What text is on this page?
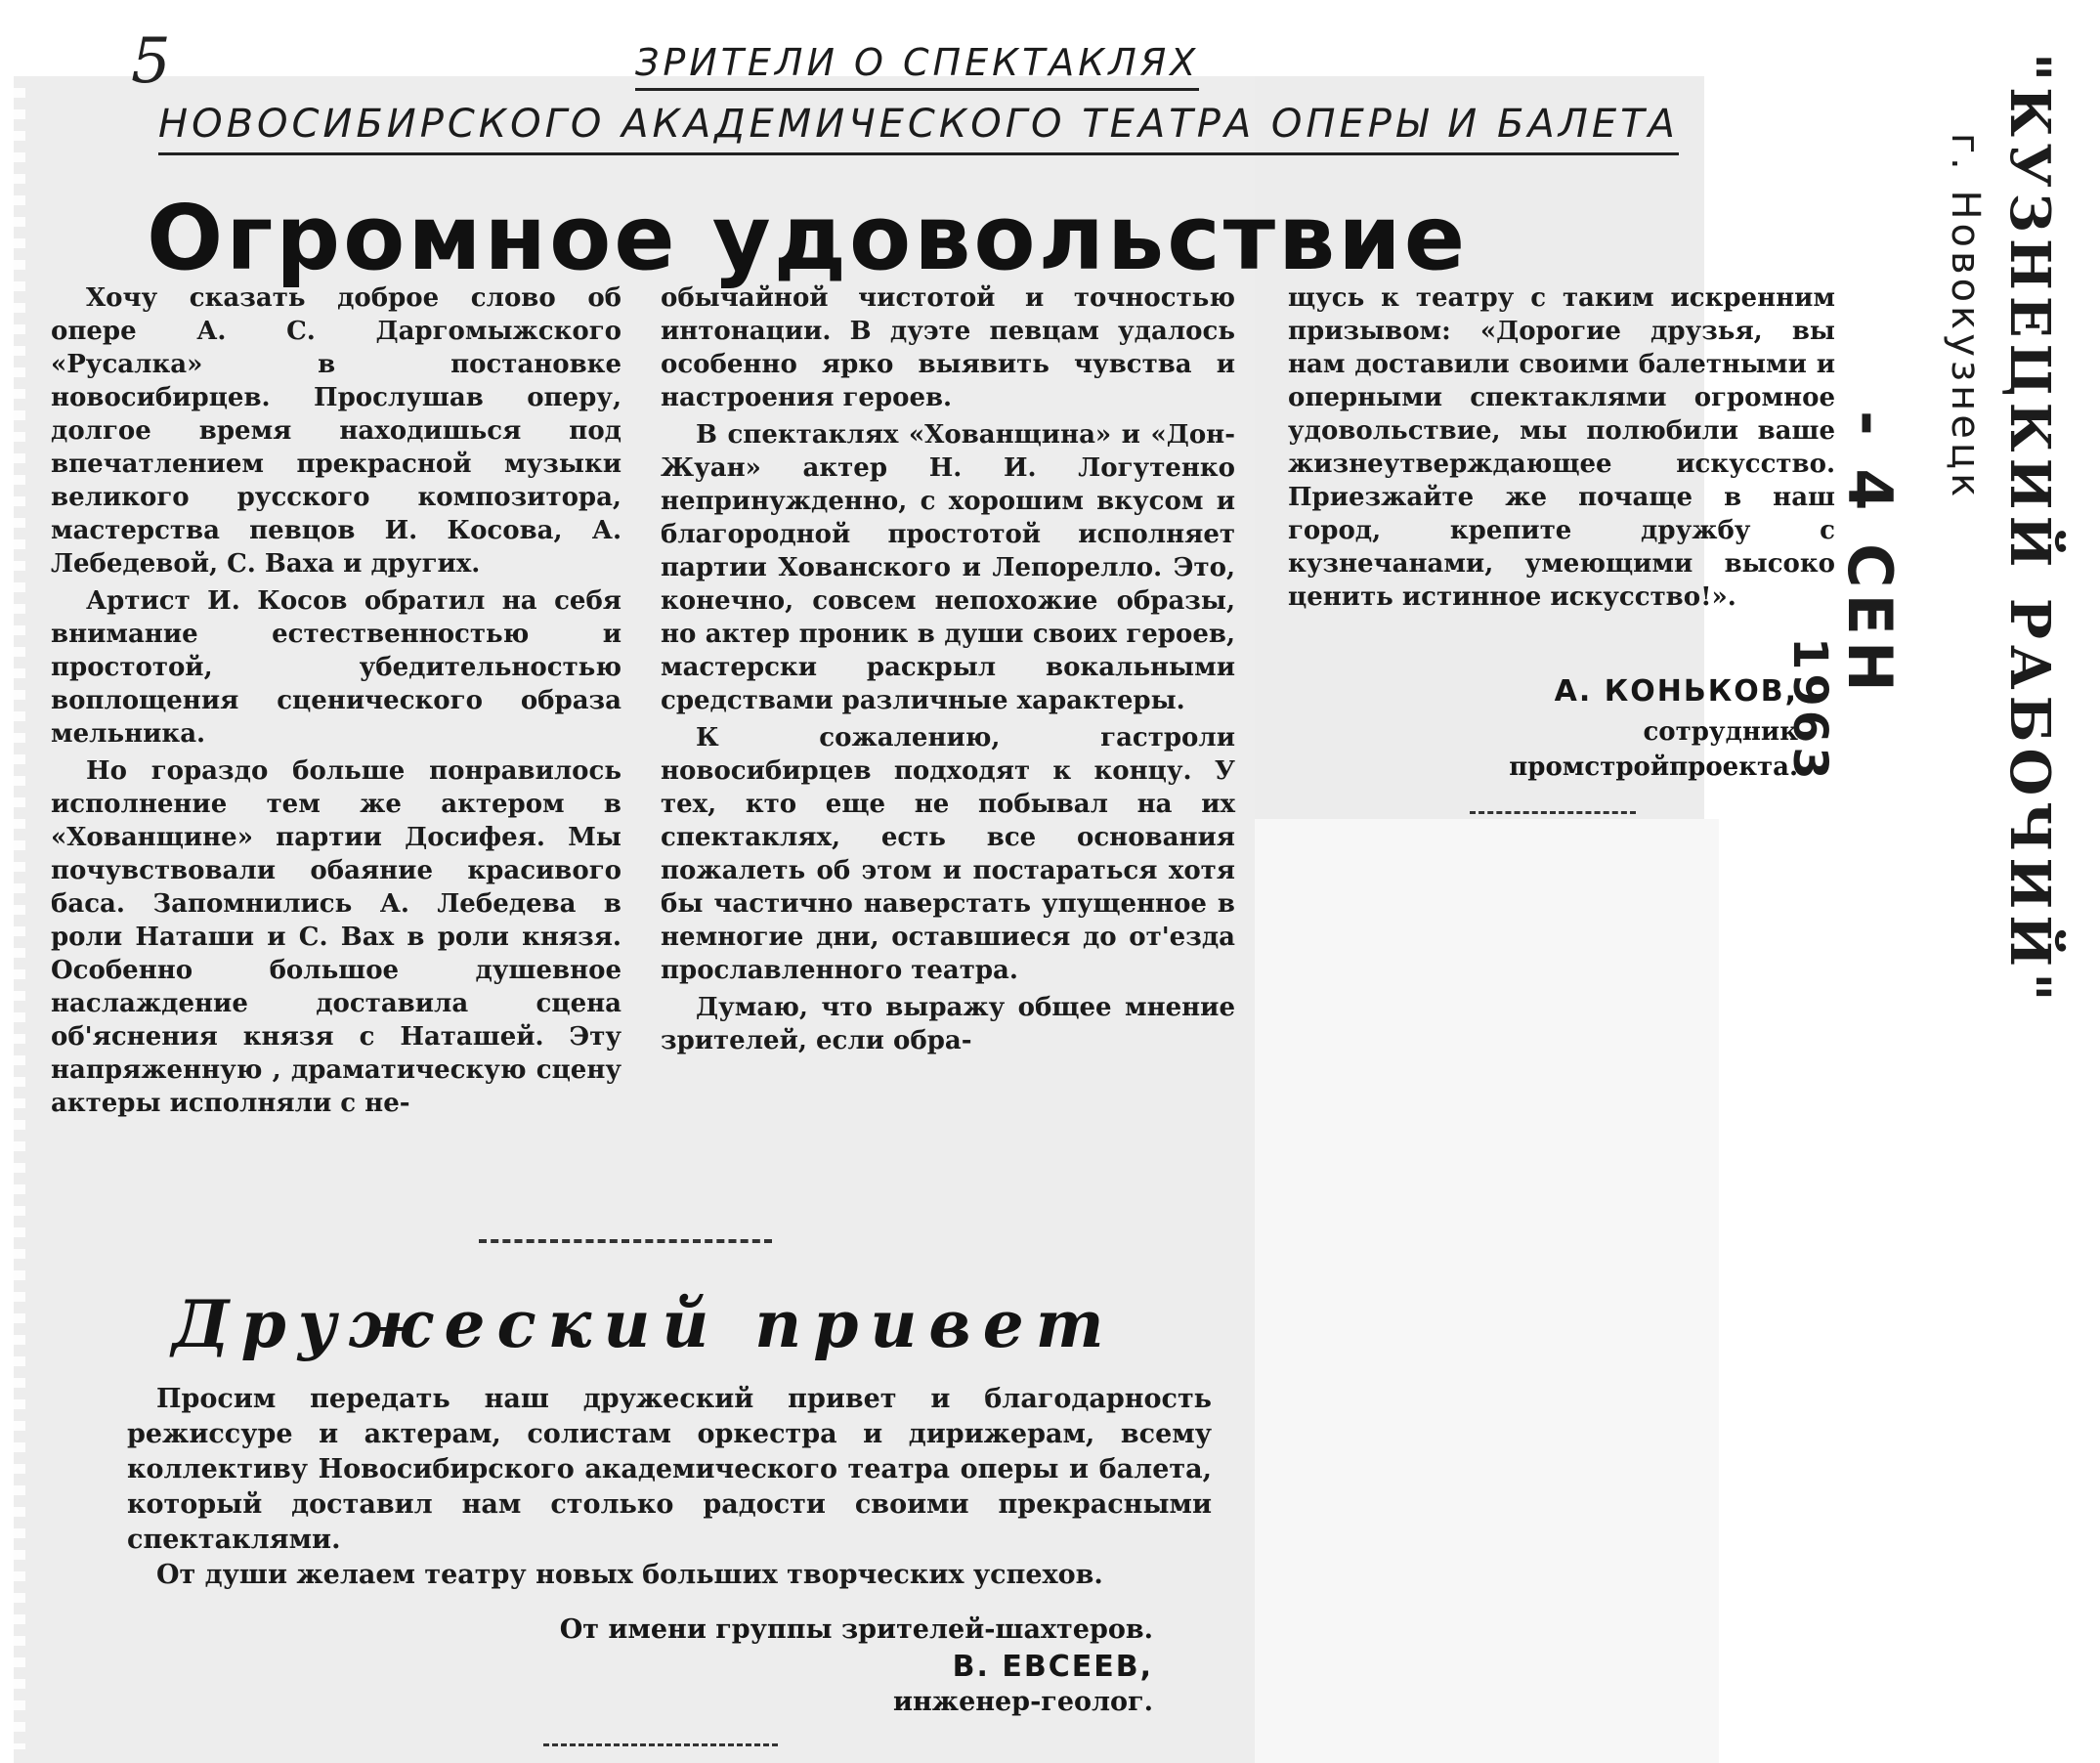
5	ЗРИТЕЛИ О СПЕКТАКЛЯХ
НОВОСИБИРСКОГО АКАДЕМИЧЕСКОГО ТЕАТРА ОПЕРЫ И БАЛЕТА
Огромное удовольствие

Хочу сказать доброе слово об опере А. С. Даргомыжского «Русалка» в постановке новосибирцев. Прослушав оперу, долгое время находишься под впечатлением прекрасной музыки великого русского композитора, мастерства певцов И. Косова, А. Лебедевой, С. Ваха и других.

Артист И. Косов обратил на себя внимание естественностью и простотой, убедительностью воплощения сценического образа мельника.

Но гораздо больше понравилось исполнение тем же актером в «Хованщине» партии Досифея. Мы почувствовали обаяние красивого баса. Запомнились А. Лебедева в роли Наташи и С. Вах в роли князя. Особенно большое душевное наслаждение доставила сцена об'яснения князя с Наташей. Эту напряженную , драматическую сцену актеры исполняли с не-

обычайной чистотой и точностью интонации. В дуэте певцам удалось особенно ярко выявить чувства и настроения героев.

В спектаклях «Хованщина» и «Дон-Жуан» актер Н. И. Логутенко непринужденно, с хорошим вкусом и благородной простотой исполняет партии Хованского и Лепорелло. Это, конечно, совсем непохожие образы, но актер проник в души своих героев, мастерски раскрыл вокальными средствами различные характеры.

К сожалению, гастроли новосибирцев подходят к концу. У тех, кто еще не побывал на их спектаклях, есть все основания пожалеть об этом и постараться хотя бы частично наверстать упущенное в немногие дни, оставшиеся до от'езда прославленного театра.

Думаю, что выражу общее мнение зрителей, если обра-

щусь к театру с таким искренним призывом: «Дорогие друзья, вы нам доставили своими балетными и оперными спектаклями огромное удовольствие, мы полюбили ваше жизнеутверждающее искусство. Приезжайте же почаще в наш город, крепите дружбу с кузнечанами, умеющими высоко ценить истинное искусство!».

А. КОНЬКОВ,
сотрудник
промстройпроекта.
Дружеский привет

Просим передать наш дружеский привет и благодарность режиссуре и актерам, солистам оркестра и дирижерам, всему коллективу Новосибирского академического театра оперы и балета, который доставил нам столько радости своими прекрасными спектаклями.

От души желаем театру новых больших творческих успехов.

От имени группы зрителей-шахтеров.
В. ЕВСЕЕВ,
инженер-геолог.
"КУЗНЕЦКИЙ РАБОЧИЙ"
г. Новокузнецк
- 4 СЕН
1963
